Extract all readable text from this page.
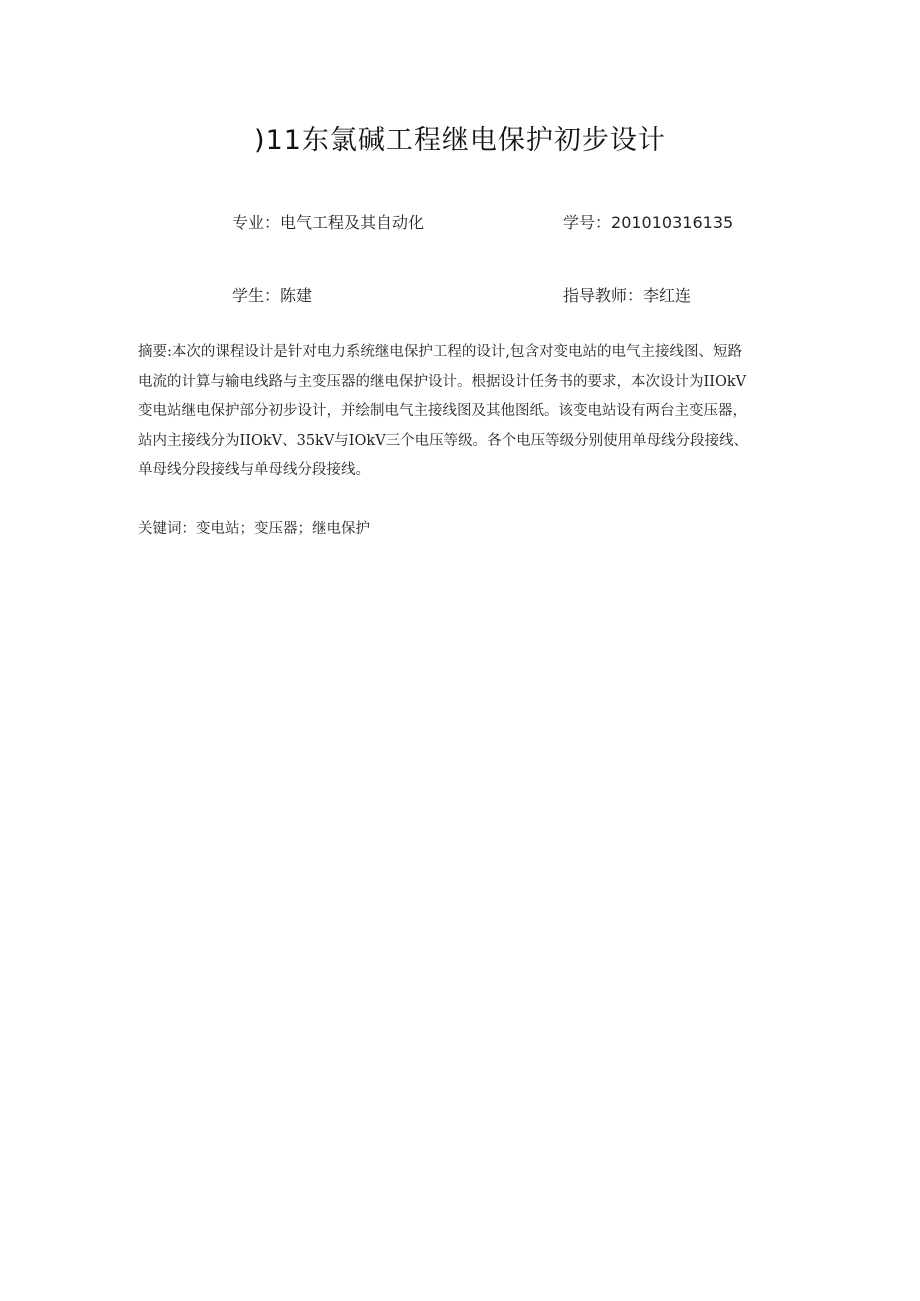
)11东氯碱工程继电保护初步设计
专业：电气工程及其自动化	学号：201010316135
学生：陈建	指导教师：李红连
摘要:本次的课程设计是针对电力系统继电保护工程的设计,包含对变电站的电气主接线图、短路
电流的计算与输电线路与主变压器的继电保护设计。根据设计任务书的要求，本次设计为IIOkV
变电站继电保护部分初步设计，并绘制电气主接线图及其他图纸。该变电站设有两台主变压器，
站内主接线分为IIOkV、35kV与IOkV三个电压等级。各个电压等级分别使用单母线分段接线、
单母线分段接线与单母线分段接线。
关键词：变电站；变压器；继电保护
